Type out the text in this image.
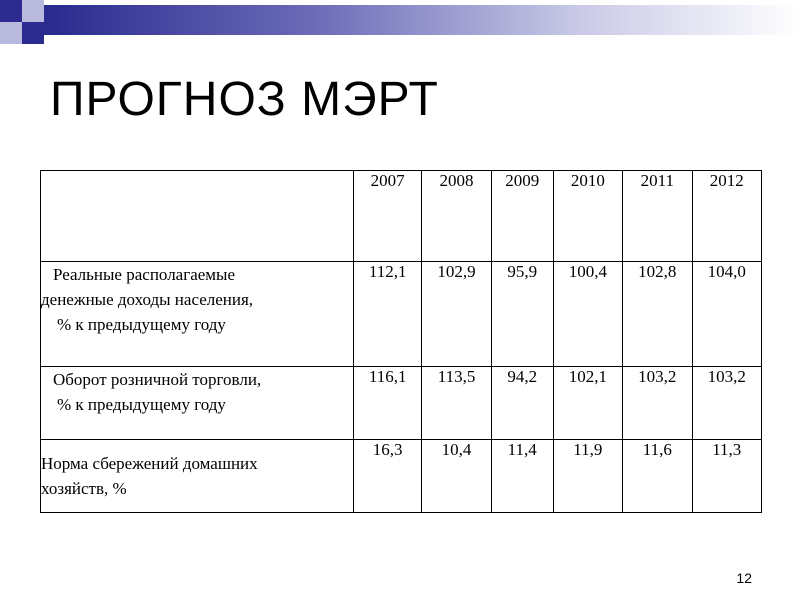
ПРОГНОЗ МЭРТ
	2007	2008	2009	2010	2011	2012

Реальные располагаемые
денежные доходы населения,
% к предыдущему году	112,1	102,9	95,9	100,4	102,8	104,0

Оборот розничной торговли,
% к предыдущему году	116,1	113,5	94,2	102,1	103,2	103,2

Норма сбережений домашних
хозяйств, %	16,3	10,4	11,4	11,9	11,6	11,3
12
